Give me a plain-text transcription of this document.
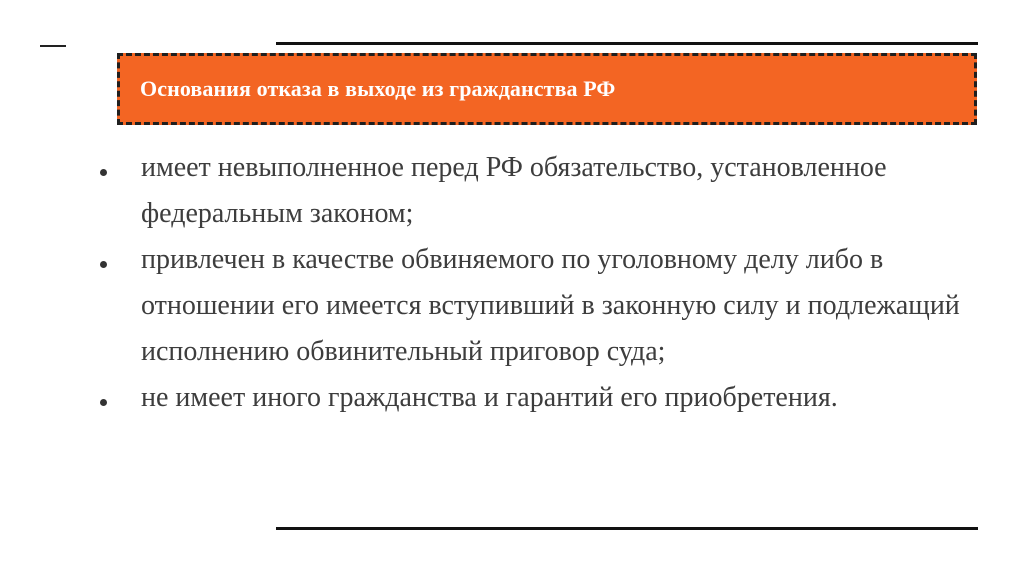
Основания отказа в выходе из гражданства РФ
имеет невыполненное перед РФ обязательство, установленное федеральным законом;
привлечен в качестве обвиняемого по уголовному делу либо в отношении его имеется вступивший в законную силу и подлежащий исполнению обвинительный приговор суда;
не имеет иного гражданства и гарантий его приобретения.
